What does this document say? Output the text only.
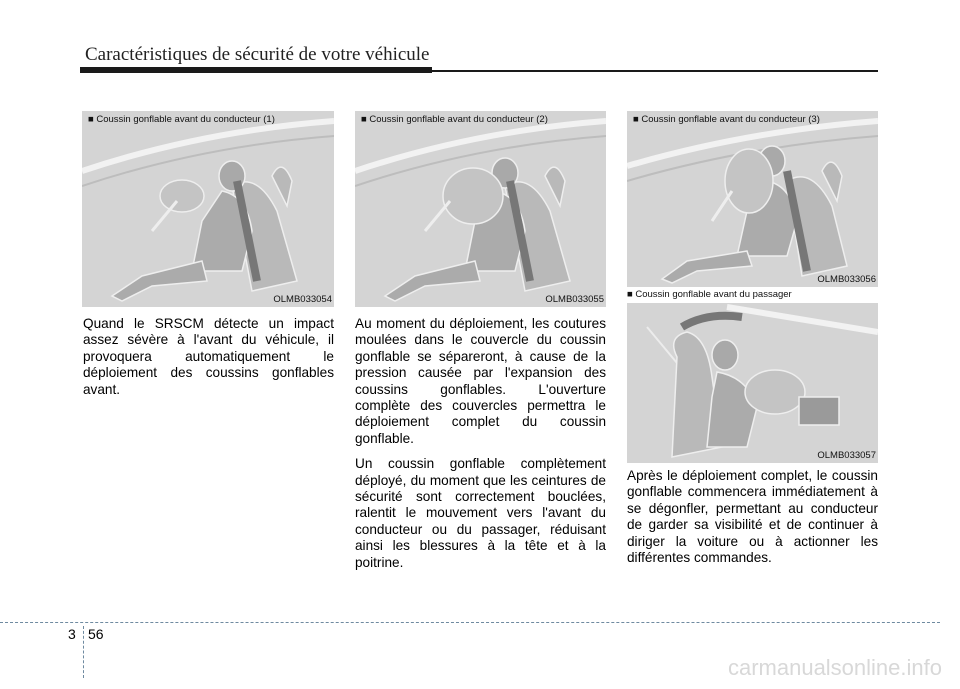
Caractéristiques de sécurité de votre véhicule
■ Coussin gonflable avant du conducteur (1)
OLMB033054
■ Coussin gonflable avant du conducteur (2)
OLMB033055
■ Coussin gonflable avant du conducteur (3)
OLMB033056
■ Coussin gonflable avant du passager
OLMB033057

Quand le SRSCM détecte un impact assez sévère à l'avant du véhicule, il provoquera automatiquement le déploiement des coussins gonflables avant.

Au moment du déploiement, les coutures moulées dans le couvercle du coussin gonflable se sépareront, à cause de la pression causée par l'expansion des coussins gonflables. L'ouverture complète des couvercles permettra le déploiement complet du coussin gonflable.

Un coussin gonflable complètement déployé, du moment que les ceintures de sécurité sont correctement bouclées, ralentit le mouvement vers l'avant du conducteur ou du passager, réduisant ainsi les blessures à la tête et à la poitrine.

Après le déploiement complet, le coussin gonflable commencera immédiatement à se dégonfler, permettant au conducteur de garder sa visibilité et de continuer à diriger la voiture ou à actionner les différentes commandes.

3 56
carmanualsonline.info
